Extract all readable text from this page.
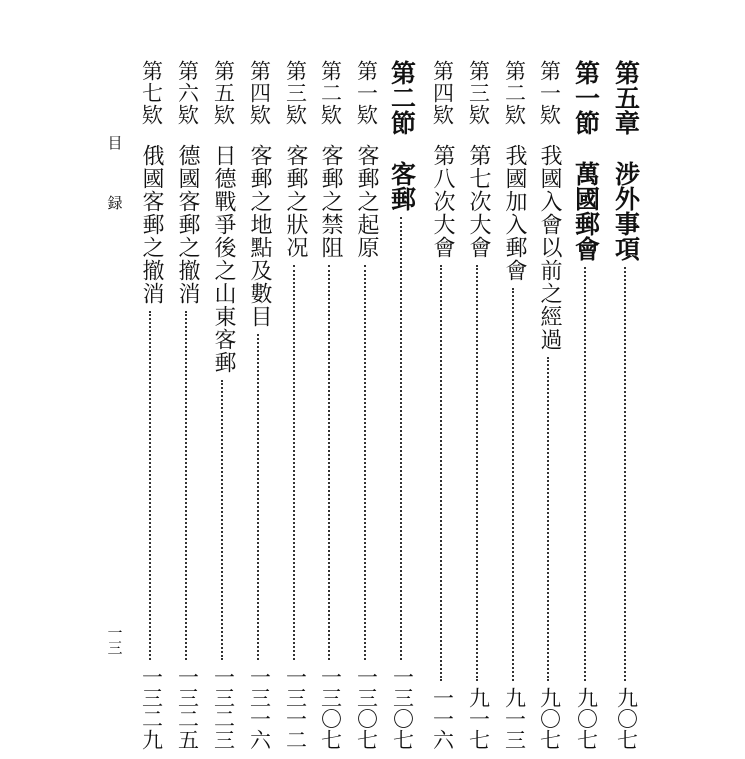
第五章
涉外事項
九〇七
第一節
萬國郵會
九〇七
第一欵
我國入會以前之經過
九〇七
第二欵
我國加入郵會
九一三
第三欵
第七次大會
九一七
第四欵
第八次大會
一一六
第二節
客郵
一三〇七
第一欵
客郵之起原
一三〇七
第二欵
客郵之禁阻
一三〇七
第三欵
客郵之狀况
一三一二
第四欵
客郵之地點及數目
一三一六
第五欵
日德戰爭後之山東客郵
一三二三
第六欵
德國客郵之撤消
一三二五
第七欵
俄國客郵之撤消
一三二九
目録
一三
